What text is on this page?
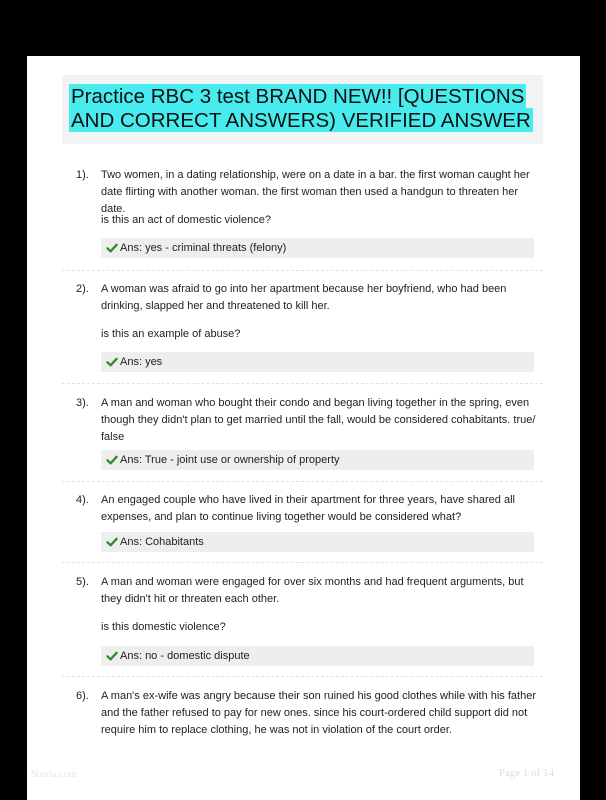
Practice RBC 3 test BRAND NEW!! [QUESTIONS AND CORRECT ANSWERS) VERIFIED ANSWER
1). Two women, in a dating relationship, were on a date in a bar. the first woman caught her date flirting with another woman. the first woman then used a handgun to threaten her date.

is this an act of domestic violence?

Ans: yes - criminal threats (felony)
2). A woman was afraid to go into her apartment because her boyfriend, who had been drinking, slapped her and threatened to kill her.

is this an example of abuse?

Ans: yes
3). A man and woman who bought their condo and began living together in the spring, even though they didn't plan to get married until the fall, would be considered cohabitants. true/ false

Ans: True - joint use or ownership of property
4). An engaged couple who have lived in their apartment for three years, have shared all expenses, and plan to continue living together would be considered what?

Ans: Cohabitants
5). A man and woman were engaged for over six months and had frequent arguments, but they didn't hit or threaten each other.

is this domestic violence?

Ans: no - domestic dispute
6). A man's ex-wife was angry because their son ruined his good clothes while with his father and the father refused to pay for new ones. since his court-ordered child support did not require him to replace clothing, he was not in violation of the court order.

Stuvia.com	Page 1 of 14
